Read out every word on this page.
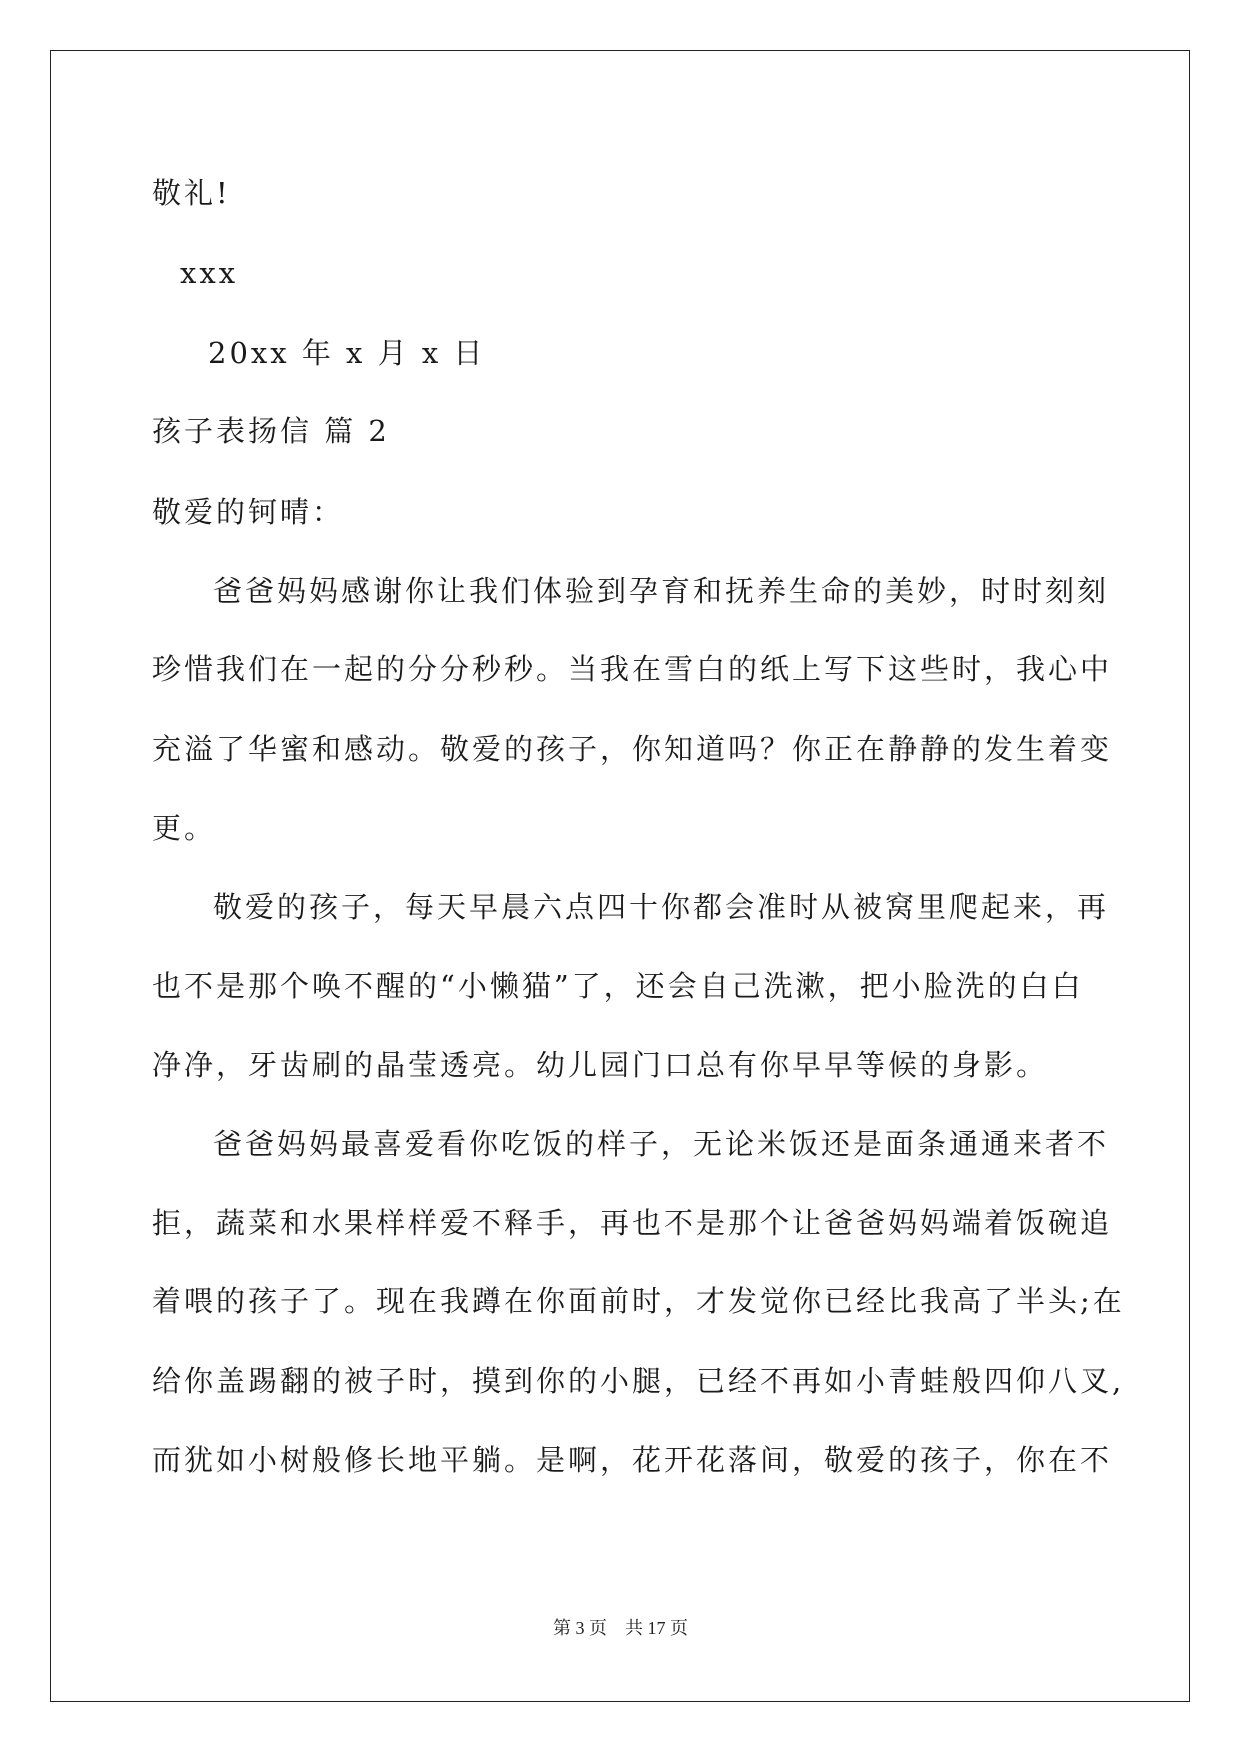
敬礼!
xxx
20xx 年 x 月 x 日
孩子表扬信 篇 2
敬爱的钶晴：
爸爸妈妈感谢你让我们体验到孕育和抚养生命的美妙，时时刻刻
珍惜我们在一起的分分秒秒。当我在雪白的纸上写下这些时，我心中
充溢了华蜜和感动。敬爱的孩子，你知道吗？你正在静静的发生着变
更。
敬爱的孩子，每天早晨六点四十你都会准时从被窝里爬起来，再
也不是那个唤不醒的“小懒猫”了，还会自己洗漱，把小脸洗的白白
净净，牙齿刷的晶莹透亮。幼儿园门口总有你早早等候的身影。
爸爸妈妈最喜爱看你吃饭的样子，无论米饭还是面条通通来者不
拒，蔬菜和水果样样爱不释手，再也不是那个让爸爸妈妈端着饭碗追
着喂的孩子了。现在我蹲在你面前时，才发觉你已经比我高了半头;在
给你盖踢翻的被子时，摸到你的小腿，已经不再如小青蛙般四仰八叉,
而犹如小树般修长地平躺。是啊，花开花落间，敬爱的孩子，你在不
第 3 页　共 17 页
